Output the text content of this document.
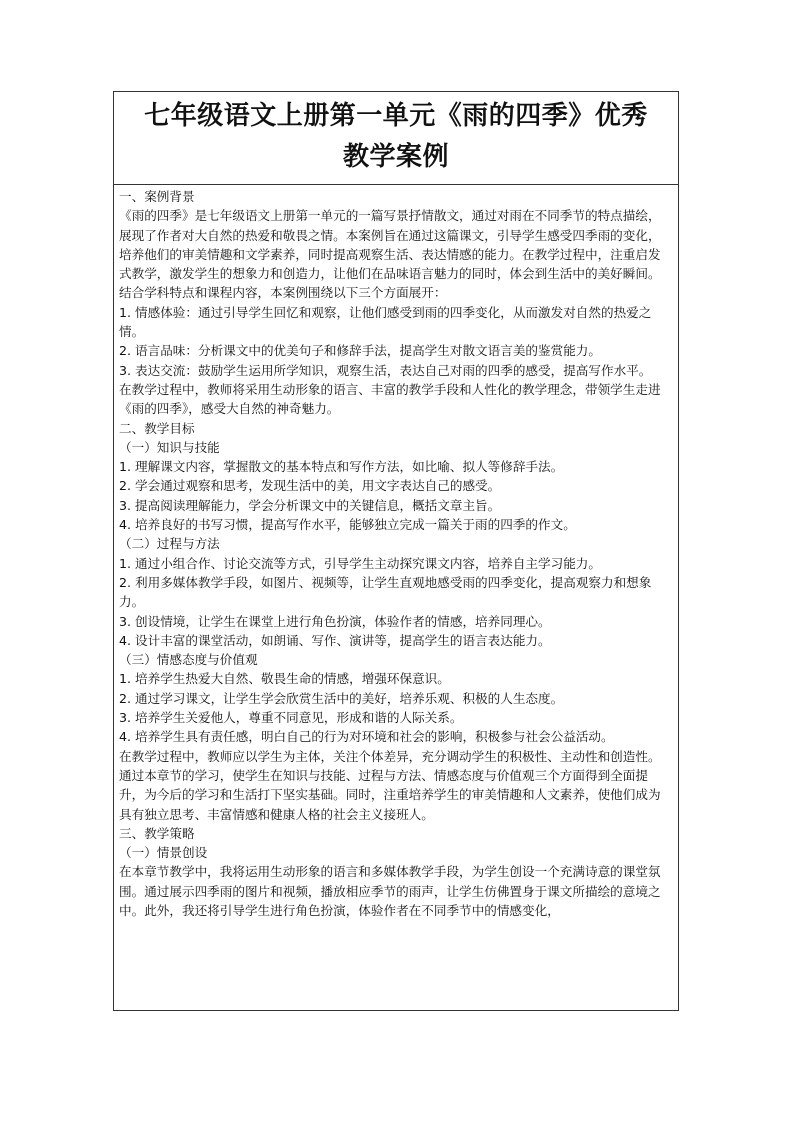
七年级语文上册第一单元《雨的四季》优秀
教学案例

一、案例背景

《雨的四季》是七年级语文上册第一单元的一篇写景抒情散文，通过对雨在不同季节的特点描绘，展现了作者对大自然的热爱和敬畏之情。本案例旨在通过这篇课文，引导学生感受四季雨的变化，培养他们的审美情趣和文学素养，同时提高观察生活、表达情感的能力。在教学过程中，注重启发式教学，激发学生的想象力和创造力，让他们在品味语言魅力的同时，体会到生活中的美好瞬间。

结合学科特点和课程内容，本案例围绕以下三个方面展开：

1. 情感体验：通过引导学生回忆和观察，让他们感受到雨的四季变化，从而激发对自然的热爱之情。

2. 语言品味：分析课文中的优美句子和修辞手法，提高学生对散文语言美的鉴赏能力。

3. 表达交流：鼓励学生运用所学知识，观察生活，表达自己对雨的四季的感受，提高写作水平。

在教学过程中，教师将采用生动形象的语言、丰富的教学手段和人性化的教学理念，带领学生走进《雨的四季》，感受大自然的神奇魅力。

二、教学目标

（一）知识与技能

1. 理解课文内容，掌握散文的基本特点和写作方法，如比喻、拟人等修辞手法。

2. 学会通过观察和思考，发现生活中的美，用文字表达自己的感受。

3. 提高阅读理解能力，学会分析课文中的关键信息，概括文章主旨。

4. 培养良好的书写习惯，提高写作水平，能够独立完成一篇关于雨的四季的作文。

（二）过程与方法

1. 通过小组合作、讨论交流等方式，引导学生主动探究课文内容，培养自主学习能力。

2. 利用多媒体教学手段，如图片、视频等，让学生直观地感受雨的四季变化，提高观察力和想象力。

3. 创设情境，让学生在课堂上进行角色扮演，体验作者的情感，培养同理心。

4. 设计丰富的课堂活动，如朗诵、写作、演讲等，提高学生的语言表达能力。

（三）情感态度与价值观

1. 培养学生热爱大自然、敬畏生命的情感，增强环保意识。

2. 通过学习课文，让学生学会欣赏生活中的美好，培养乐观、积极的人生态度。

3. 培养学生关爱他人，尊重不同意见，形成和谐的人际关系。

4. 培养学生具有责任感，明白自己的行为对环境和社会的影响，积极参与社会公益活动。

在教学过程中，教师应以学生为主体，关注个体差异，充分调动学生的积极性、主动性和创造性。通过本章节的学习，使学生在知识与技能、过程与方法、情感态度与价值观三个方面得到全面提升，为今后的学习和生活打下坚实基础。同时，注重培养学生的审美情趣和人文素养，使他们成为具有独立思考、丰富情感和健康人格的社会主义接班人。

三、教学策略

（一）情景创设

在本章节教学中，我将运用生动形象的语言和多媒体教学手段，为学生创设一个充满诗意的课堂氛围。通过展示四季雨的图片和视频，播放相应季节的雨声，让学生仿佛置身于课文所描绘的意境之中。此外，我还将引导学生进行角色扮演，体验作者在不同季节中的情感变化，
